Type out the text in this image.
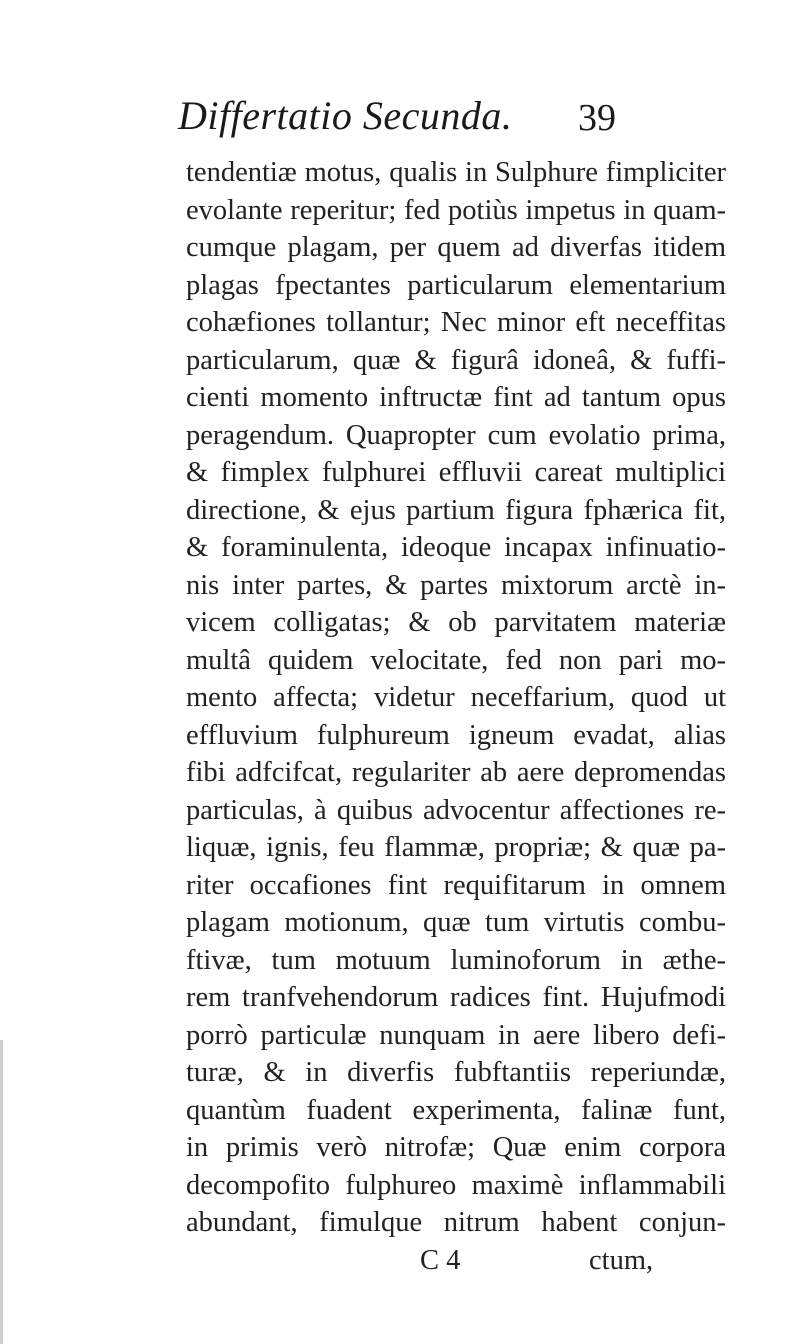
Differtatio Secunda. 39
tendentiæ motus, qualis in Sulphure fimpliciter
evolante reperitur; fed potiùs impetus in quam-
cumque plagam, per quem ad diverfas itidem
plagas fpectantes particularum elementarium
cohæfiones tollantur; Nec minor eft neceffitas
particularum, quæ & figurâ idoneâ, & fuffi-
cienti momento inftructæ fint ad tantum opus
peragendum. Quapropter cum evolatio prima,
& fimplex fulphurei effluvii careat multiplici
directione, & ejus partium figura fphærica fit,
& foraminulenta, ideoque incapax infinuatio-
nis inter partes, & partes mixtorum arctè in-
vicem colligatas; & ob parvitatem materiæ
multâ quidem velocitate, fed non pari mo-
mento affecta; videtur neceffarium, quod ut
effluvium fulphureum igneum evadat, alias
fibi adfcifcat, regulariter ab aere depromendas
particulas, à quibus advocentur affectiones re-
liquæ, ignis, feu flammæ, propriæ; & quæ pa-
riter occafiones fint requifitarum in omnem
plagam motionum, quæ tum virtutis combu-
ftivæ, tum motuum luminoforum in æthe-
rem tranfvehendorum radices fint. Hujufmodi
porrò particulæ nunquam in aere libero defi-
turæ, & in diverfis fubftantiis reperiundæ,
quantùm fuadent experimenta, falinæ funt,
in primis verò nitrofæ; Quæ enim corpora
decompofito fulphureo maximè inflammabili
abundant, fimulque nitrum habent conjun-
C 4	ctum,
